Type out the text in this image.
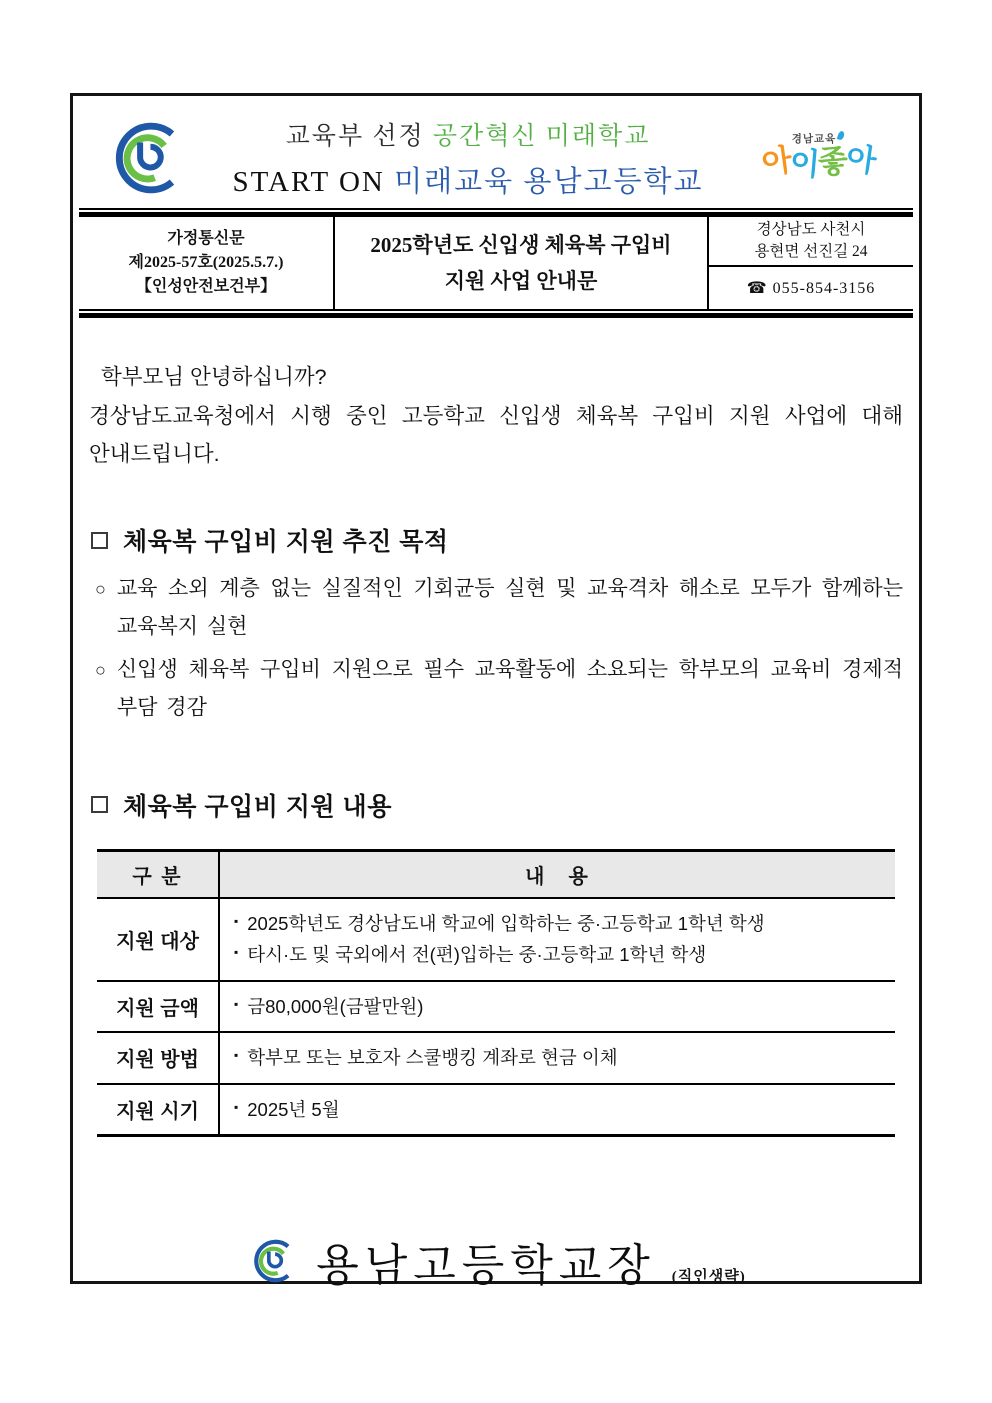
교육부 선정 공간혁신 미래학교
START ON 미래교육 용남고등학교
경남교육
아이좋아
가정통신문
제2025-57호(2025.5.7.)
【인성안전보건부】
2025학년도 신입생 체육복 구입비
지원 사업 안내문
경상남도 사천시
용현면 선진길 24
☎ 055-854-3156

학부모님 안녕하십니까?

경상남도교육청에서 시행 중인 고등학교 신입생 체육복 구입비 지원 사업에 대해 안내드립니다.

체육복 구입비 지원 추진 목적
○ 교육 소외 계층 없는 실질적인 기회균등 실현 및 교육격차 해소로 모두가 함께하는 교육복지 실현
○ 신입생 체육복 구입비 지원으로 필수 교육활동에 소요되는 학부모의 교육비 경제적 부담 경감
체육복 구입비 지원 내용
구 분	내　용
지원 대상	▪ 2025학년도 경상남도내 학교에 입학하는 중·고등학교 1학년 학생
▪ 타시·도 및 국외에서 전(편)입하는 중·고등학교 1학년 학생

지원 금액	▪ 금80,000원(금팔만원)

지원 방법	▪ 학부모 또는 보호자 스쿨뱅킹 계좌로 현금 이체

지원 시기	▪ 2025년 5월
용남고등학교장 (직인생략)
